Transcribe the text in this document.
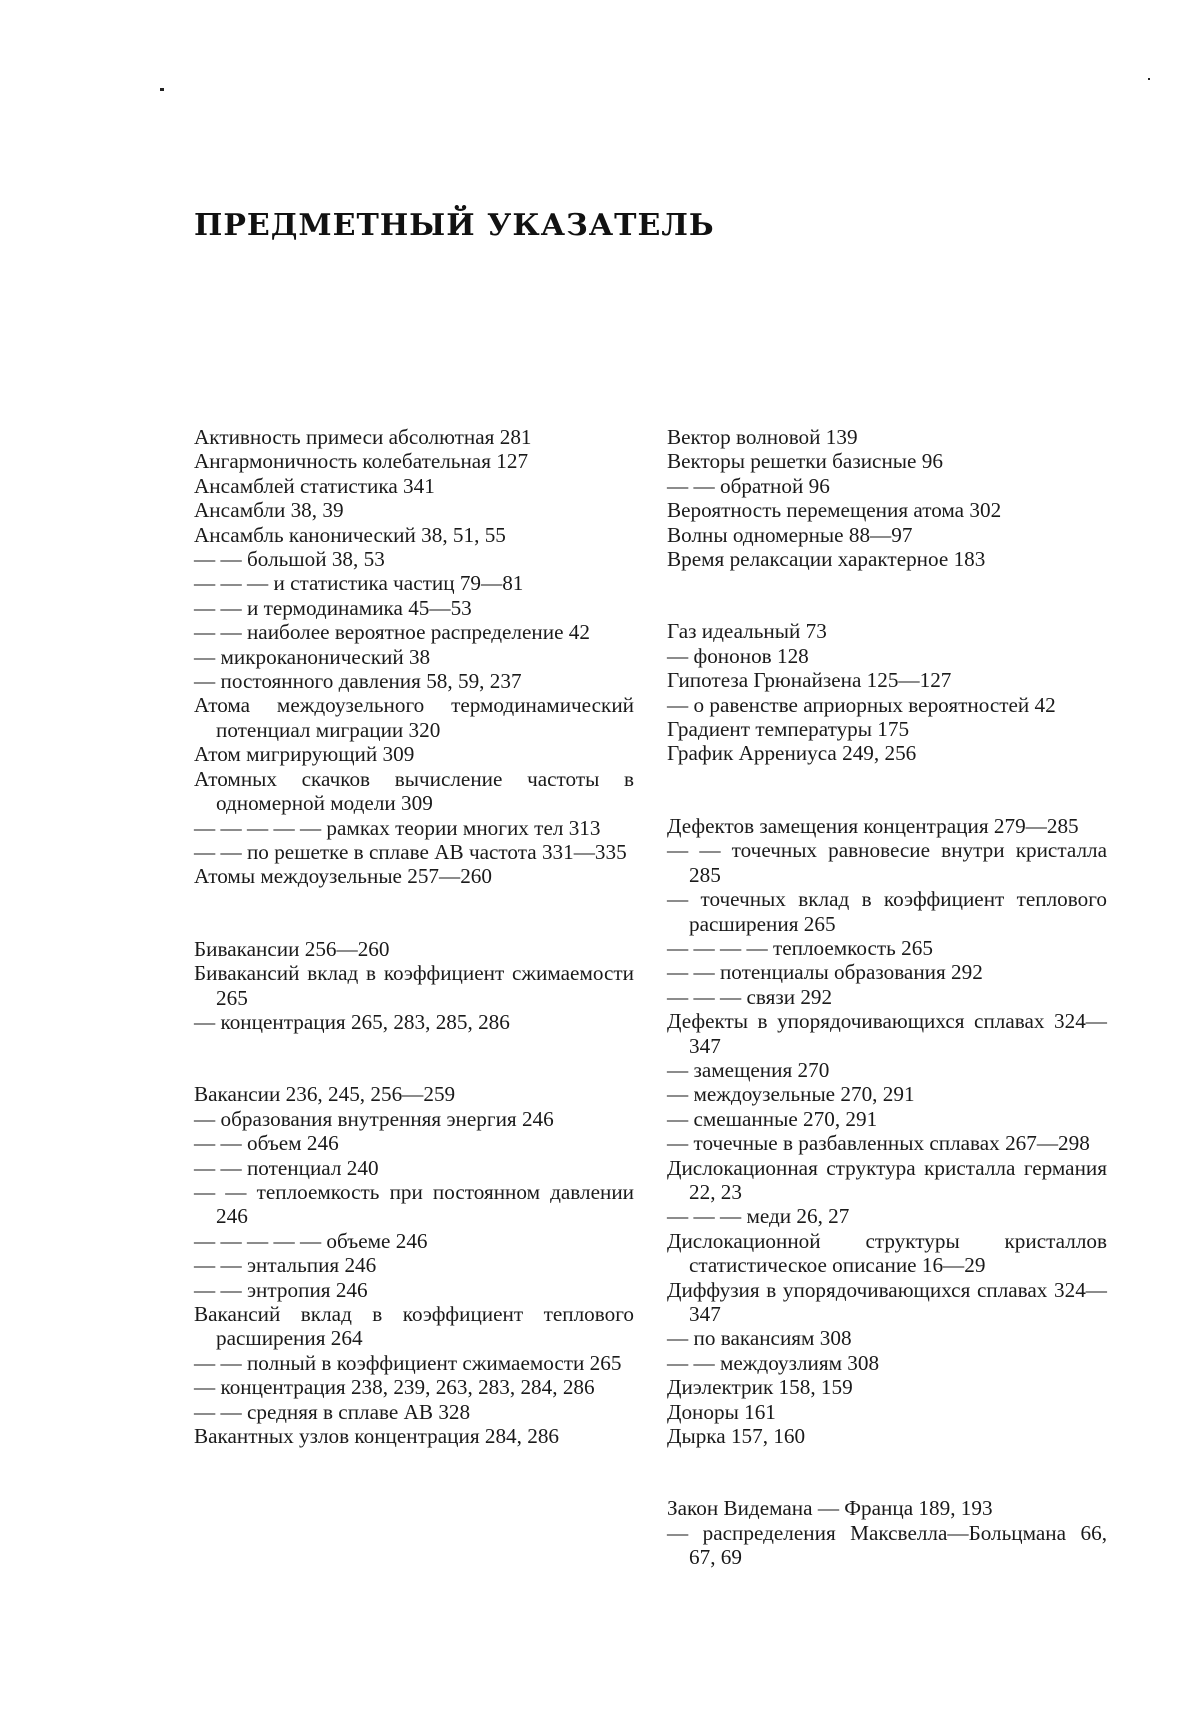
ПРЕДМЕТНЫЙ УКАЗАТЕЛЬ
Активность примеси абсолютная 281
Ангармоничность колебательная 127
Ансамблей статистика 341
Ансамбли 38, 39
Ансамбль канонический 38, 51, 55
— — большой 38, 53
— — — и статистика частиц 79—81
— — и термодинамика 45—53
— — наиболее вероятное распределение 42
— микроканонический 38
— постоянного давления 58, 59, 237
Атома междоузельного термодинамический потенциал миграции 320
Атом мигрирующий 309
Атомных скачков вычисление частоты в одномерной модели 309
— — — — — рамках теории многих тел 313
— — по решетке в сплаве AB частота 331—335
Атомы междоузельные 257—260
Бивакансии 256—260
Бивакансий вклад в коэффициент сжимаемости 265
— концентрация 265, 283, 285, 286
Вакансии 236, 245, 256—259
— образования внутренняя энергия 246
— — объем 246
— — потенциал 240
— — теплоемкость при постоянном давлении 246
— — — — — объеме 246
— — энтальпия 246
— — энтропия 246
Вакансий вклад в коэффициент теплового расширения 264
— — полный в коэффициент сжимаемости 265
— концентрация 238, 239, 263, 283, 284, 286
— — средняя в сплаве AB 328
Вакантных узлов концентрация 284, 286
Вектор волновой 139
Векторы решетки базисные 96
— — обратной 96
Вероятность перемещения атома 302
Волны одномерные 88—97
Время релаксации характерное 183
Газ идеальный 73
— фононов 128
Гипотеза Грюнайзена 125—127
— о равенстве априорных вероятностей 42
Градиент температуры 175
График Аррениуса 249, 256
Дефектов замещения концентрация 279—285
— — точечных равновесие внутри кристалла 285
— точечных вклад в коэффициент теплового расширения 265
— — — — теплоемкость 265
— — потенциалы образования 292
— — — связи 292
Дефекты в упорядочивающихся сплавах 324—347
— замещения 270
— междоузельные 270, 291
— смешанные 270, 291
— точечные в разбавленных сплавах 267—298
Дислокационная структура кристалла германия 22, 23
— — — меди 26, 27
Дислокационной структуры кристаллов статистическое описание 16—29
Диффузия в упорядочивающихся сплавах 324—347
— по вакансиям 308
— — междоузлиям 308
Диэлектрик 158, 159
Доноры 161
Дырка 157, 160
Закон Видемана — Франца 189, 193
— распределения Максвелла—Больцмана 66, 67, 69
